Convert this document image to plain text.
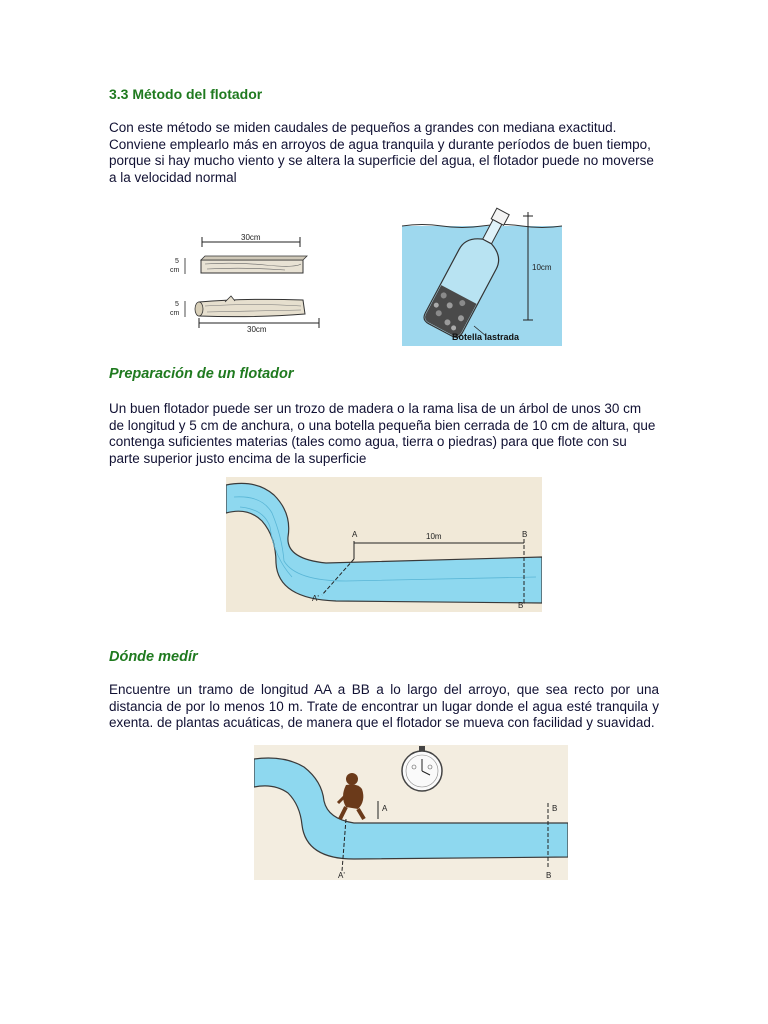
3.3 Método del flotador

Con este método se miden caudales de pequeños a grandes con mediana exactitud. Conviene emplearlo más en arroyos de agua tranquila y durante períodos de buen tiempo, porque si hay mucho viento y se altera la superficie del agua, el flotador puede no moverse a la velocidad normal

30cm
5
cm
5
cm
30cm
10cm
Botella lastrada
Preparación de un flotador

Un buen flotador puede ser un trozo de madera o la rama lisa de un árbol de unos 30 cm de longitud y 5 cm de anchura, o una botella pequeña bien cerrada de 10 cm de altura, que contenga suficientes materias (tales como agua, tierra o piedras) para que flote con su parte superior justo encima de la superficie

A	B
10m
A'
B'
Dónde medír

Encuentre un tramo de longitud AA a BB a lo largo del arroyo, que sea recto por una distancia de por lo menos 10 m. Trate de encontrar un lugar donde el agua esté tranquila y exenta. de plantas acuáticas, de manera que el flotador se mueva con facilidad y suavidad.

A
A'
B
B
